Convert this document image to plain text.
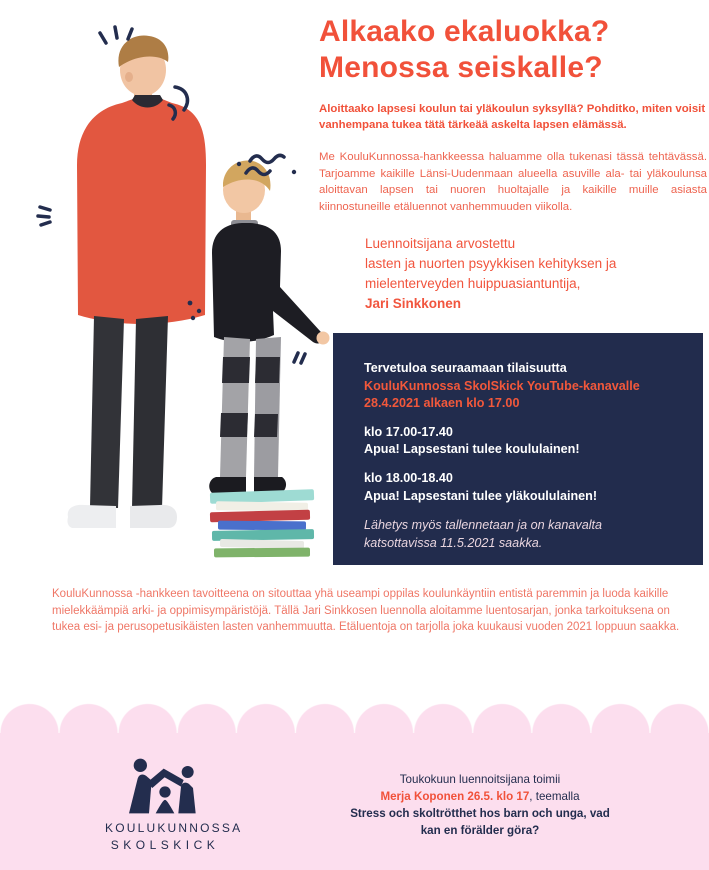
Alkaako ekaluokka?
Menossa seiskalle?

Aloittaako lapsesi koulun tai yläkoulun syksyllä? Pohditko, miten voisit vanhempana tukea tätä tärkeää askelta lapsen elämässä.

Me KouluKunnossa-hankkeessa haluamme olla tukenasi tässä tehtävässä. Tarjoamme kaikille Länsi-Uudenmaan alueella asuville ala- tai yläkoulunsa aloittavan lapsen tai nuoren huoltajalle ja kaikille muille asiasta kiinnostuneille etäluennot vanhemmuuden viikolla.

Luennoitsijana arvostettu
lasten ja nuorten psyykkisen kehityksen ja
mielenterveyden huippuasiantuntija,
Jari Sinkkonen
Tervetuloa seuraamaan tilaisuutta
KouluKunnossa SkolSkick YouTube-kanavalle
28.4.2021 alkaen klo 17.00
klo 17.00-17.40
Apua! Lapsestani tulee koululainen!
klo 18.00-18.40
Apua! Lapsestani tulee yläkoululainen!
Lähetys myös tallennetaan ja on kanavalta
katsottavissa 11.5.2021 saakka.

KouluKunnossa -hankkeen tavoitteena on sitouttaa yhä useampi oppilas koulunkäyntiin entistä paremmin ja luoda kaikille mielekkäämpiä arki- ja oppimisympäristöjä. Tällä Jari Sinkkosen luennolla aloitamme luentosarjan, jonka tarkoituksena on tukea esi- ja perusopetusikäisten lasten vanhemmuutta. Etäluentoja on tarjolla joka kuukausi vuoden 2021 loppuun saakka.

KOULUKUNNOSSA
SKOLSKICK
Toukokuun luennoitsijana toimii
Merja Koponen 26.5. klo 17, teemalla
Stress och skoltrötthet hos barn och unga, vad
kan en förälder göra?
